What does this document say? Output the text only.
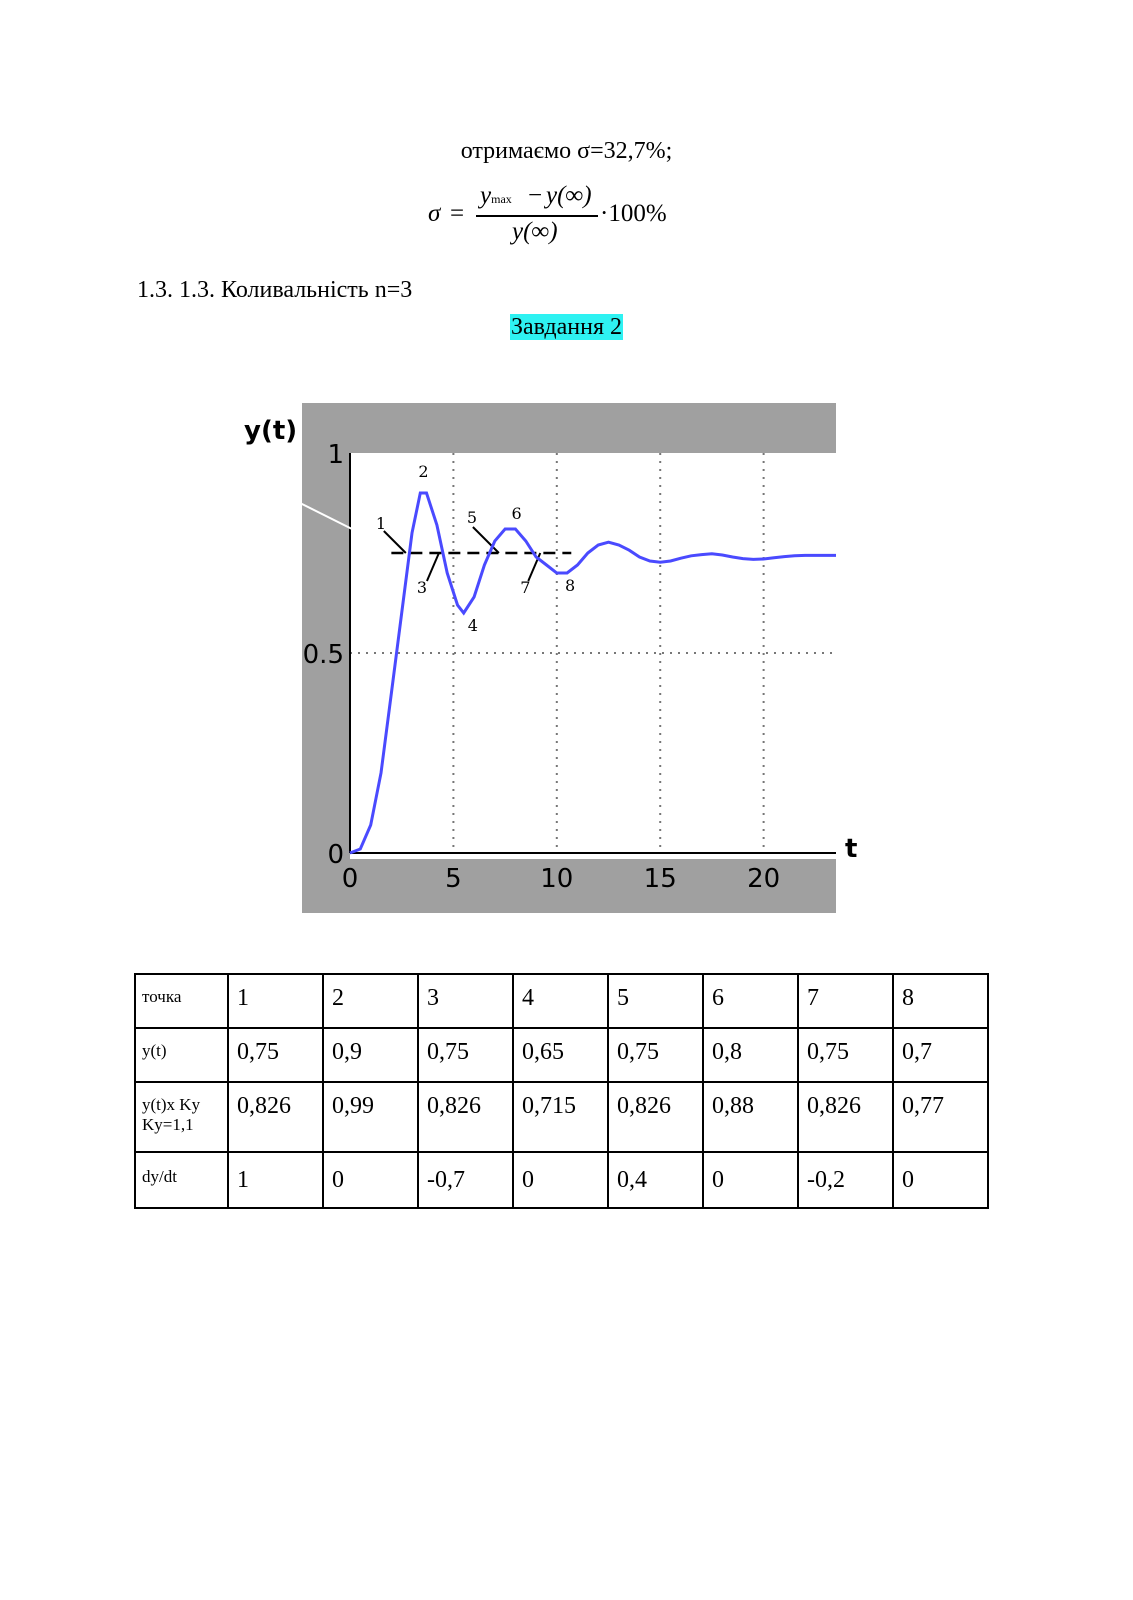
отримаємо σ=32,7%;
σ =
ymax − y(∞)
y(∞)
·100%
1.3. 1.3. Коливальність n=3
Завдання 2
1
2
3
4
5 6
7 8
0
0.5
1
0	5	10	15	20
y(t)
t
точка	1	2	3	4	5	6	7	8
y(t)	0,75	0,9	0,75	0,65	0,75	0,8	0,75	0,7
y(t)x Ky Ky=1,1	0,826	0,99	0,826	0,715	0,826	0,88	0,826	0,77
dy/dt	1	0	-0,7	0	0,4	0	-0,2	0
